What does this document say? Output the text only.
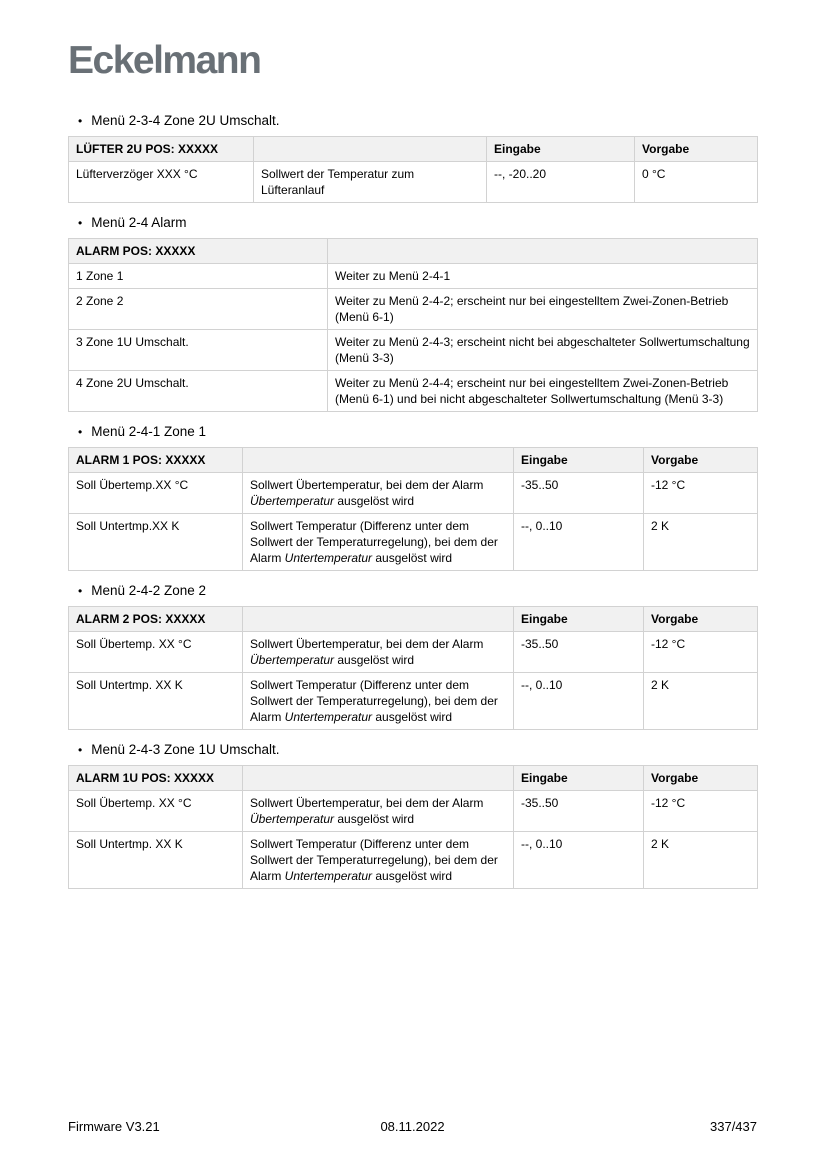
Eckelmann
• Menü 2-3-4 Zone 2U Umschalt.
LÜFTER 2U POS: XXXXX		Eingabe	Vorgabe
Lüfterverzöger XXX °C	Sollwert der Temperatur zum Lüfteranlauf	--, -20..20	0 °C
• Menü 2-4 Alarm
ALARM POS: XXXXX	
1 Zone 1	Weiter zu Menü 2-4-1
2 Zone 2	Weiter zu Menü 2-4-2; erscheint nur bei eingestelltem Zwei-Zonen-Betrieb (Menü 6-1)
3 Zone 1U Umschalt.	Weiter zu Menü 2-4-3; erscheint nicht bei abgeschalteter Sollwertumschaltung (Menü 3-3)
4 Zone 2U Umschalt.	Weiter zu Menü 2-4-4; erscheint nur bei eingestelltem Zwei-Zonen-Betrieb (Menü 6-1) und bei nicht abgeschalteter Sollwertumschaltung (Menü 3-3)
• Menü 2-4-1 Zone 1
ALARM 1 POS: XXXXX		Eingabe	Vorgabe
Soll Übertemp.XX °C	Sollwert Übertemperatur, bei dem der Alarm Übertemperatur ausgelöst wird	-35..50	-12 °C
Soll Untertmp.XX K	Sollwert Temperatur (Differenz unter dem Sollwert der Temperaturregelung), bei dem der Alarm Untertemperatur ausgelöst wird	--, 0..10	2 K
• Menü 2-4-2 Zone 2
ALARM 2 POS: XXXXX		Eingabe	Vorgabe
Soll Übertemp. XX °C	Sollwert Übertemperatur, bei dem der Alarm Übertemperatur ausgelöst wird	-35..50	-12 °C
Soll Untertmp. XX K	Sollwert Temperatur (Differenz unter dem Sollwert der Temperaturregelung), bei dem der Alarm Untertemperatur ausgelöst wird	--, 0..10	2 K
• Menü 2-4-3 Zone 1U Umschalt.
ALARM 1U POS: XXXXX		Eingabe	Vorgabe
Soll Übertemp. XX °C	Sollwert Übertemperatur, bei dem der Alarm Übertemperatur ausgelöst wird	-35..50	-12 °C
Soll Untertmp. XX K	Sollwert Temperatur (Differenz unter dem Sollwert der Temperaturregelung), bei dem der Alarm Untertemperatur ausgelöst wird	--, 0..10	2 K
Firmware V3.21	08.11.2022	337/437
